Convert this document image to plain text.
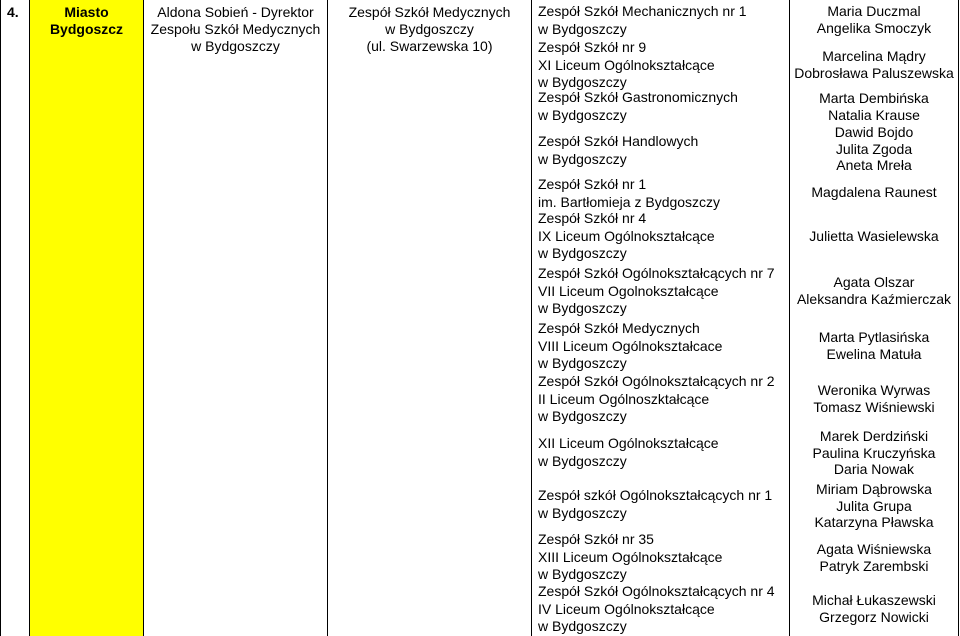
4.	Miasto
Bydgoszcz
Aldona Sobień - Dyrektor
Zespołu Szkół Medycznych
w Bydgoszczy
Zespół Szkół Medycznych
w Bydgoszczy
(ul. Swarzewska 10)
Zespół Szkół Mechanicznych nr 1
w Bydgoszczy
Zespół Szkół nr 9
XI Liceum Ogólnokształcące
w Bydgoszczy
Zespół Szkół Gastronomicznych
w Bydgoszczy
Zespół Szkół Handlowych
w Bydgoszczy
Zespół Szkół nr 1
im. Bartłomieja z Bydgoszczy
Zespół Szkół nr 4
IX Liceum Ogólnokształcące
w Bydgoszczy
Zespół Szkół Ogólnokształcących nr 7
VII Liceum Ogolnokształcące
w Bydgoszczy
Zespół Szkół Medycznych
VIII Liceum Ogólnokształcace
w Bydgoszczy
Zespół Szkół Ogólnokształcących nr 2
II Liceum Ogólnoszktałcące
w Bydgoszczy
XII Liceum Ogólnokształcące
w Bydgoszczy
Zespół szkół Ogólnokształcących nr 1
w Bydgoszczy
Zespół Szkół nr 35
XIII Liceum Ogólnokształcące
w Bydgoszczy
Zespół Szkół Ogólnokształcących nr 4
IV Liceum Ogólnokształcące
w Bydgoszczy
Maria Duczmal
Angelika Smoczyk
Marcelina Mądry
Dobrosława Paluszewska
Marta Dembińska
Natalia Krause
Dawid Bojdo
Julita Zgoda
Aneta Mreła
Magdalena Raunest
Julietta Wasielewska
Agata Olszar
Aleksandra Kaźmierczak
Marta Pytlasińska
Ewelina Matuła
Weronika Wyrwas
Tomasz Wiśniewski
Marek Derdziński
Paulina Kruczyńska
Daria Nowak
Miriam Dąbrowska
Julita Grupa
Katarzyna Pławska
Agata Wiśniewska
Patryk Zarembski
Michał Łukaszewski
Grzegorz Nowicki
